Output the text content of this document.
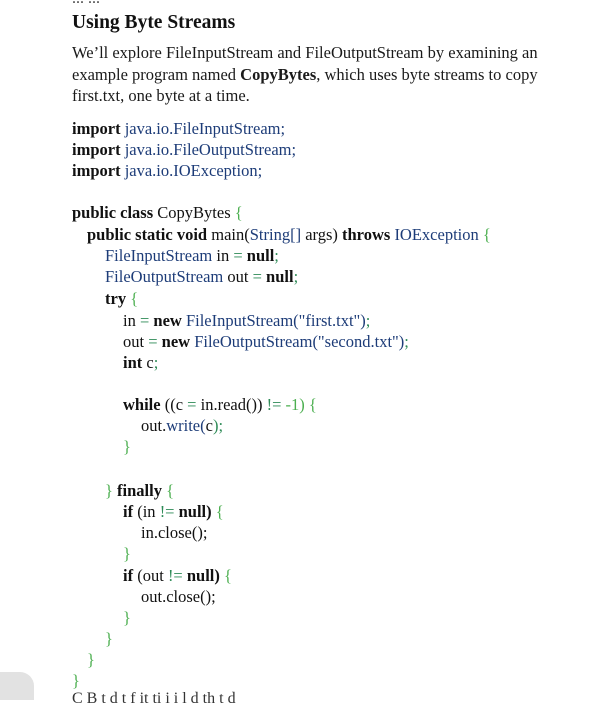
Using Byte Streams

We’ll explore FileInputStream and FileOutputStream by examining an example program named CopyBytes, which uses byte streams to copy first.txt, one byte at a time.

import java.io.FileInputStream;
import java.io.FileOutputStream;
import java.io.IOException;
public class CopyBytes {
public static void main(String[] args) throws IOException {
FileInputStream in = null;
FileOutputStream out = null;
try {
in = new FileInputStream("first.txt");
out = new FileOutputStream("second.txt");
int c;
while ((c = in.read()) != -1) {
out.write(c);
}
} finally {
if (in != null) {
in.close();
}
if (out != null) {
out.close();
}
}
}
}
C B t d t f it ti i i l d th t d
